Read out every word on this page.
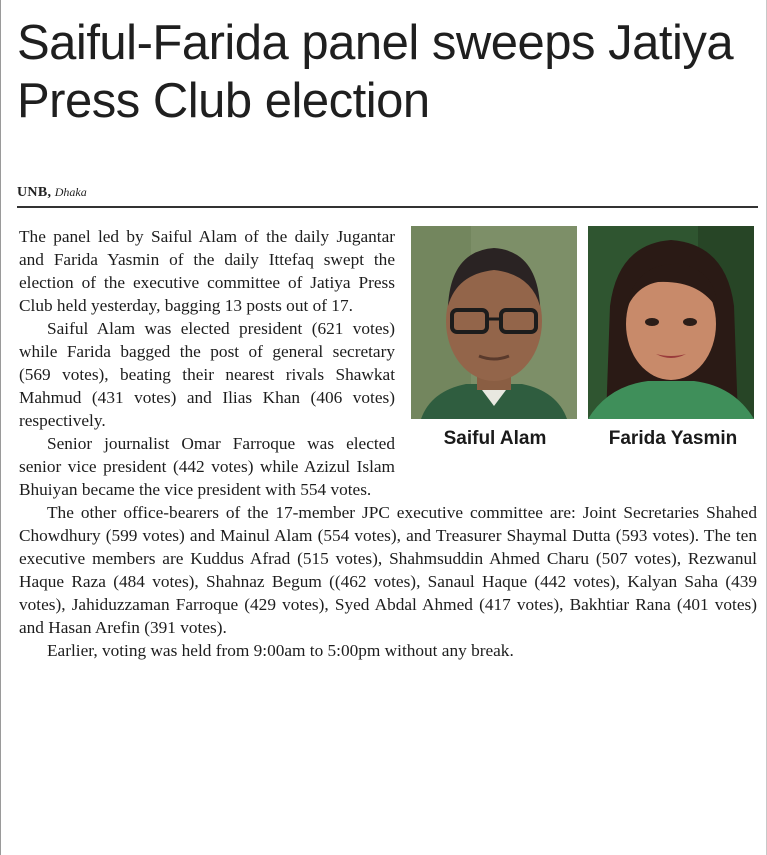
Saiful-Farida panel sweeps Jatiya Press Club election
UNB, Dhaka
Saiful Alam	Farida Yasmin

The panel led by Saiful Alam of the daily Jugantar and Farida Yasmin of the daily Ittefaq swept the election of the executive committee of Jatiya Press Club held yesterday, bagging 13 posts out of 17.

Saiful Alam was elected president (621 votes) while Farida bagged the post of general secretary (569 votes), beating their nearest rivals Shawkat Mahmud (431 votes) and Ilias Khan (406 votes) respectively.

Senior journalist Omar Farroque was elected senior vice president (442 votes) while Azizul Islam Bhuiyan became the vice president with 554 votes.

The other office-bearers of the 17-member JPC executive committee are: Joint Secretaries Shahed Chowdhury (599 votes) and Mainul Alam (554 votes), and Treasurer Shaymal Dutta (593 votes). The ten executive members are Kuddus Afrad (515 votes), Shahmsuddin Ahmed Charu (507 votes), Rezwanul Haque Raza (484 votes), Shahnaz Begum ((462 votes), Sanaul Haque (442 votes), Kalyan Saha (439 votes), Jahiduzzaman Farroque (429 votes), Syed Abdal Ahmed (417 votes), Bakhtiar Rana (401 votes) and Hasan Arefin (391 votes).

Earlier, voting was held from 9:00am to 5:00pm without any break.
